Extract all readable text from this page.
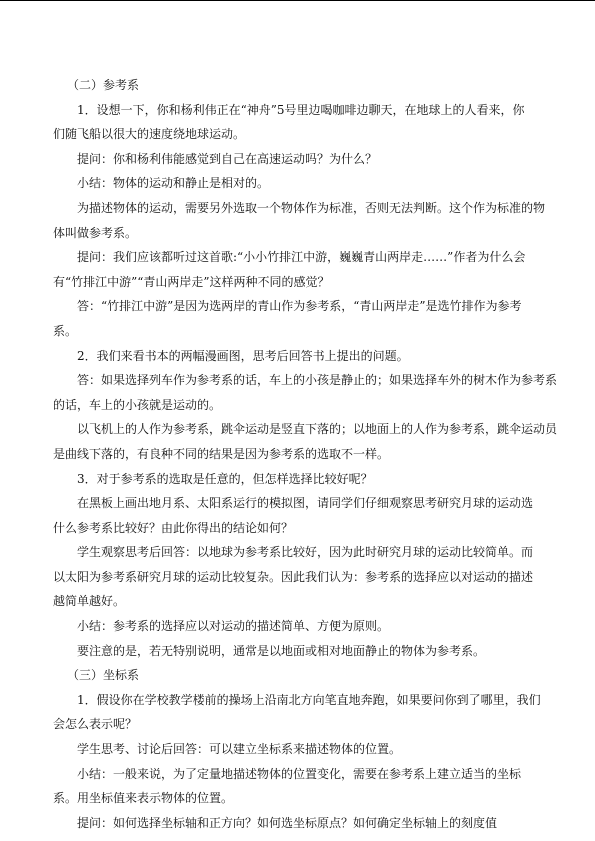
（二）参考系
1．设想一下，你和杨利伟正在“神舟”5号里边喝咖啡边聊天，在地球上的人看来，你
们随飞船以很大的速度绕地球运动。
提问：你和杨利伟能感觉到自己在高速运动吗？为什么？
小结：物体的运动和静止是相对的。
为描述物体的运动，需要另外选取一个物体作为标准，否则无法判断。这个作为标准的物
体叫做参考系。
提问：我们应该都听过这首歌:“小小竹排江中游，巍巍青山两岸走……”作者为什么会
有“竹排江中游”“青山两岸走”这样两种不同的感觉？
答：“竹排江中游”是因为选两岸的青山作为参考系，“青山两岸走”是选竹排作为参考
系。
2．我们来看书本的两幅漫画图，思考后回答书上提出的问题。
答：如果选择列车作为参考系的话，车上的小孩是静止的；如果选择车外的树木作为参考系
的话，车上的小孩就是运动的。
以飞机上的人作为参考系，跳伞运动是竖直下落的；以地面上的人作为参考系，跳伞运动员
是曲线下落的，有良种不同的结果是因为参考系的选取不一样。
3．对于参考系的选取是任意的，但怎样选择比较好呢？
在黑板上画出地月系、太阳系运行的模拟图，请同学们仔细观察思考研究月球的运动选
什么参考系比较好？由此你得出的结论如何？
学生观察思考后回答：以地球为参考系比较好，因为此时研究月球的运动比较简单。而
以太阳为参考系研究月球的运动比较复杂。因此我们认为：参考系的选择应以对运动的描述
越简单越好。
小结：参考系的选择应以对运动的描述简单、方便为原则。
要注意的是，若无特别说明，通常是以地面或相对地面静止的物体为参考系。
（三）坐标系
1．假设你在学校教学楼前的操场上沿南北方向笔直地奔跑，如果要问你到了哪里，我们
会怎么表示呢？
学生思考、讨论后回答：可以建立坐标系来描述物体的位置。
小结：一般来说，为了定量地描述物体的位置变化，需要在参考系上建立适当的坐标
系。用坐标值来表示物体的位置。
提问：如何选择坐标轴和正方向？如何选坐标原点？如何确定坐标轴上的刻度值
